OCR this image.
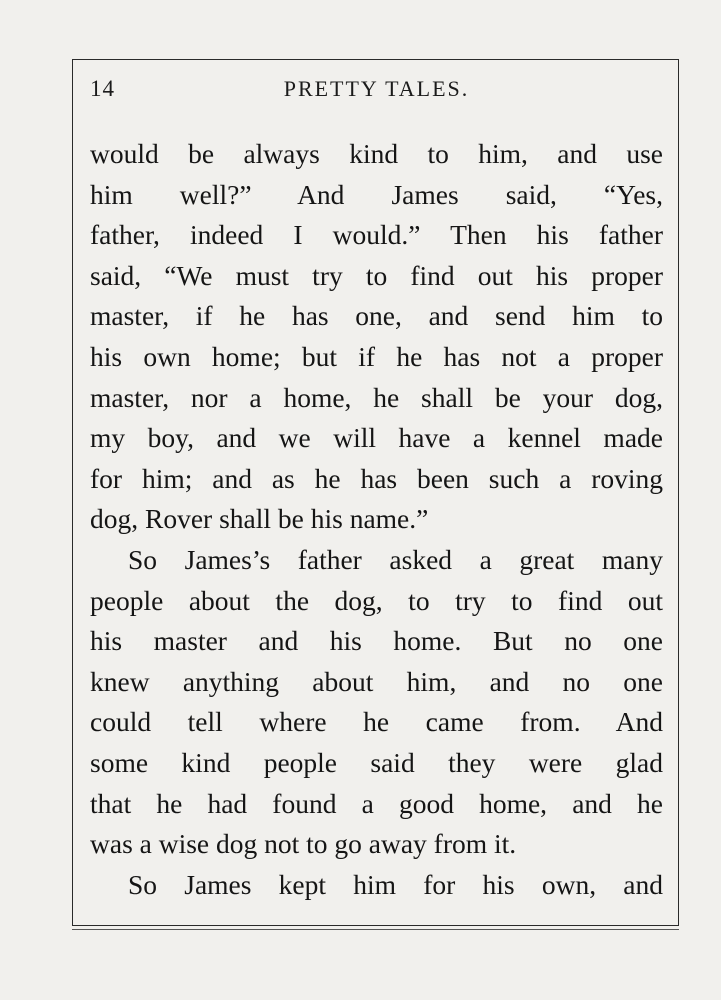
14	PRETTY TALES.
would be always kind to him, and use
him well?” And James said, “Yes,
father, indeed I would.” Then his father
said, “We must try to find out his proper
master, if he has one, and send him to
his own home; but if he has not a proper
master, nor a home, he shall be your dog,
my boy, and we will have a kennel made
for him; and as he has been such a roving
dog, Rover shall be his name.”
So James’s father asked a great many
people about the dog, to try to find out
his master and his home. But no one
knew anything about him, and no one
could tell where he came from. And
some kind people said they were glad
that he had found a good home, and he
was a wise dog not to go away from it.
So James kept him for his own, and
